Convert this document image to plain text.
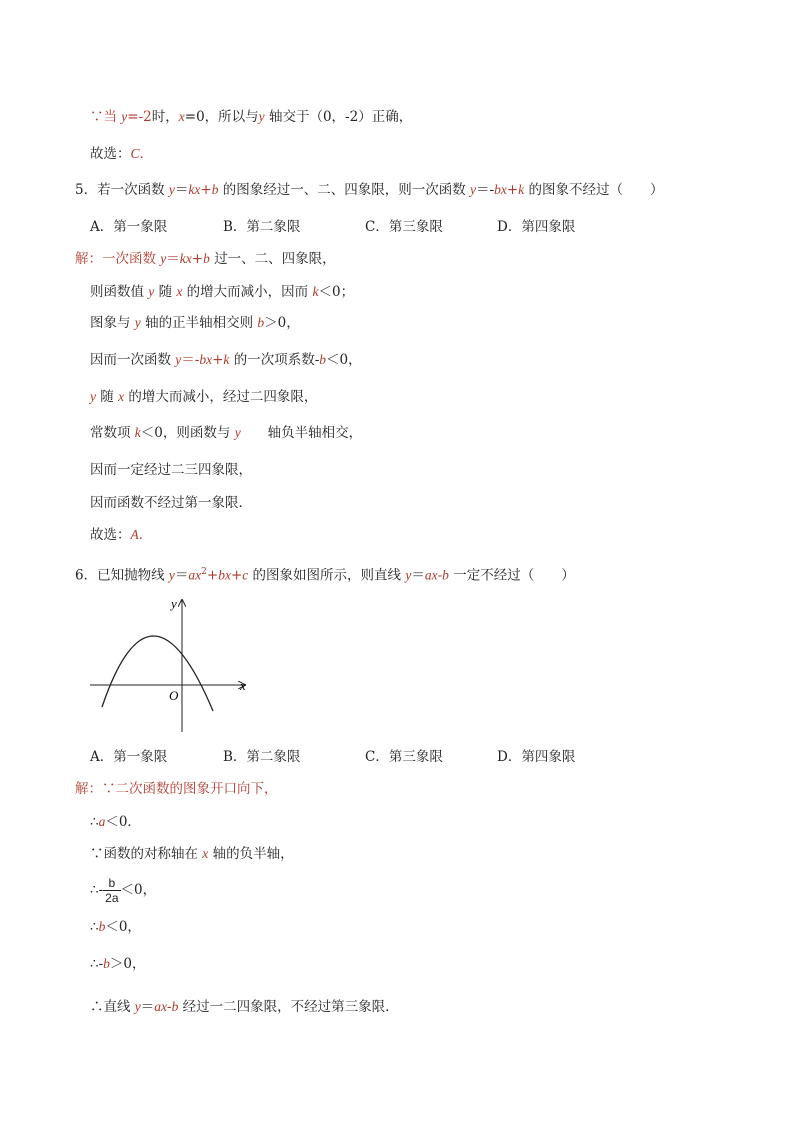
∵当 y=-2时，x=0，所以与y 轴交于（0，-2）正确，
故选：C．
5．若一次函数 y＝kx+b 的图象经过一、二、四象限，则一次函数 y＝-bx+k 的图象不经过（　　）
A．第一象限	B．第二象限	C．第三象限	D．第四象限
解：一次函数 y＝kx+b 过一、二、四象限，
则函数值 y 随 x 的增大而减小，因而 k＜0；
图象与 y 轴的正半轴相交则 b＞0，
因而一次函数 y＝-bx+k 的一次项系数-b＜0，
y 随 x 的增大而减小，经过二四象限，
常数项 k＜0，则函数与 y　　轴负半轴相交，
因而一定经过二三四象限，
因而函数不经过第一象限．
故选：A．
6．已知抛物线 $y=ax^2+bx+c$ 的图象如图所示，则直线 y＝ax-b 一定不经过（　　）
y
x
O
A．第一象限	B．第二象限	C．第三象限	D．第四象限
解：∵二次函数的图象开口向下，
∴a＜0．
∵函数的对称轴在 x 轴的负半轴，
∴- $\frac{b}{2a} <0$，
∴b＜0，
∴-b＞0，
∴直线 y＝ax-b 经过一二四象限，不经过第三象限．
